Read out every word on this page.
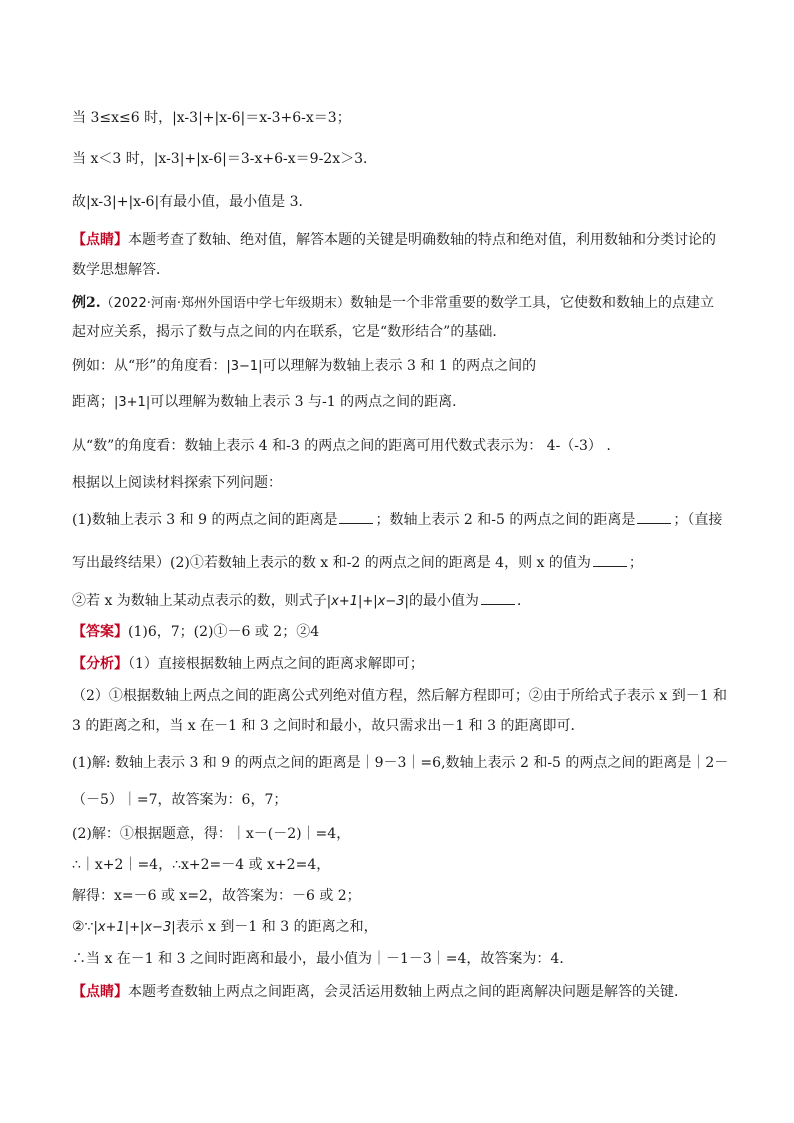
当 3≤x≤6 时，|x-3|+|x-6|＝x-3+6-x＝3；
当 x＜3 时，|x-3|+|x-6|＝3-x+6-x＝9-2x＞3．
故|x-3|+|x-6|有最小值，最小值是 3．
【点睛】本题考查了数轴、绝对值，解答本题的关键是明确数轴的特点和绝对值，利用数轴和分类讨论的
数学思想解答．
例2.（2022·河南·郑州外国语中学七年级期末）数轴是一个非常重要的数学工具，它使数和数轴上的点建立
起对应关系，揭示了数与点之间的内在联系，它是“数形结合”的基础．
例如：从“形”的角度看：|3−1|可以理解为数轴上表示 3 和 1 的两点之间的
距离；|3+1|可以理解为数轴上表示 3 与-1 的两点之间的距离．
从“数”的角度看：数轴上表示 4 和-3 的两点之间的距离可用代数式表示为： 4-（-3） .
根据以上阅读材料探索下列问题：
(1)数轴上表示 3 和 9 的两点之间的距离是	；数轴上表示 2 和-5 的两点之间的距离是	；（直接
写出最终结果）(2)①若数轴上表示的数 x 和-2 的两点之间的距离是 4，则 x 的值为	；
②若 x 为数轴上某动点表示的数，则式子|x+1|+|x−3|的最小值为	．
【答案】(1)6，7；(2)①－6 或 2；②4
【分析】（1）直接根据数轴上两点之间的距离求解即可；
（2）①根据数轴上两点之间的距离公式列绝对值方程，然后解方程即可；②由于所给式子表示 x 到－1 和
3 的距离之和，当 x 在－1 和 3 之间时和最小，故只需求出－1 和 3 的距离即可．
(1)解: 数轴上表示 3 和 9 的两点之间的距离是｜9－3｜=6,数轴上表示 2 和-5 的两点之间的距离是｜2－
（－5）｜=7，故答案为：6，7；
(2)解：①根据题意，得：｜x－(－2)｜=4，
∴｜x+2｜=4，∴x+2=－4 或 x+2=4，
解得：x=－6 或 x=2，故答案为：－6 或 2；
②∵|x+1|+|x−3|表示 x 到－1 和 3 的距离之和，
∴当 x 在－1 和 3 之间时距离和最小，最小值为｜－1－3｜=4，故答案为：4．
【点睛】本题考查数轴上两点之间距离，会灵活运用数轴上两点之间的距离解决问题是解答的关键．
